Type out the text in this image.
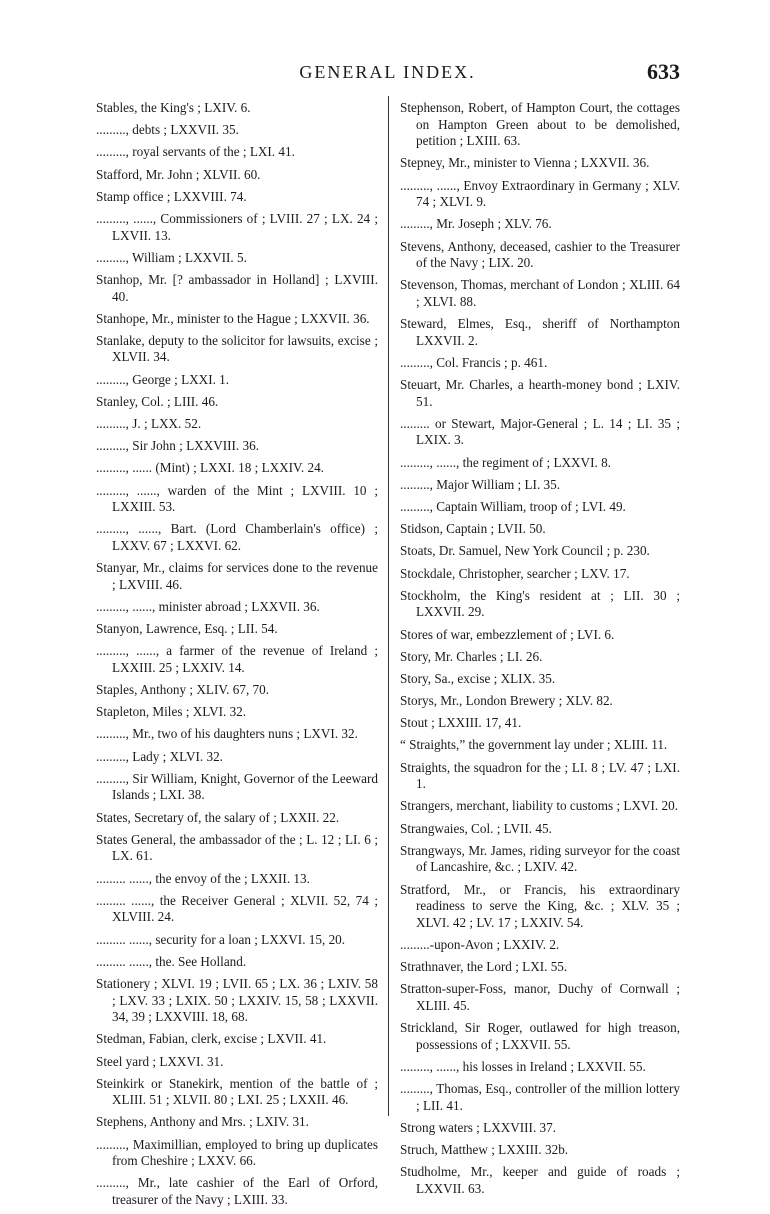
GENERAL INDEX.	633

Stables, the King's ; LXIV. 6.

........., debts ; LXXVII. 35.

........., royal servants of the ; LXI. 41.

Stafford, Mr. John ; XLVII. 60.

Stamp office ; LXXVIII. 74.

........., ......, Commissioners of ; LVIII. 27 ; LX. 24 ; LXVII. 13.

........., William ; LXXVII. 5.

Stanhop, Mr. [? ambassador in Holland] ; LXVIII. 40.

Stanhope, Mr., minister to the Hague ; LXXVII. 36.

Stanlake, deputy to the solicitor for lawsuits, excise ; XLVII. 34.

........., George ; LXXI. 1.

Stanley, Col. ; LIII. 46.

........., J. ; LXX. 52.

........., Sir John ; LXXVIII. 36.

........., ...... (Mint) ; LXXI. 18 ; LXXIV. 24.

........., ......, warden of the Mint ; LXVIII. 10 ; LXXIII. 53.

........., ......, Bart. (Lord Chamberlain's office) ; LXXV. 67 ; LXXVI. 62.

Stanyar, Mr., claims for services done to the revenue ; LXVIII. 46.

........., ......, minister abroad ; LXXVII. 36.

Stanyon, Lawrence, Esq. ; LII. 54.

........., ......, a farmer of the revenue of Ireland ; LXXIII. 25 ; LXXIV. 14.

Staples, Anthony ; XLIV. 67, 70.

Stapleton, Miles ; XLVI. 32.

........., Mr., two of his daughters nuns ; LXVI. 32.

........., Lady ; XLVI. 32.

........., Sir William, Knight, Governor of the Leeward Islands ; LXI. 38.

States, Secretary of, the salary of ; LXXII. 22.

States General, the ambassador of the ; L. 12 ; LI. 6 ; LX. 61.

......... ......, the envoy of the ; LXXII. 13.

......... ......, the Receiver General ; XLVII. 52, 74 ; XLVIII. 24.

......... ......, security for a loan ; LXXVI. 15, 20.

......... ......, the. See Holland.

Stationery ; XLVI. 19 ; LVII. 65 ; LX. 36 ; LXIV. 58 ; LXV. 33 ; LXIX. 50 ; LXXIV. 15, 58 ; LXXVII. 34, 39 ; LXXVIII. 18, 68.

Stedman, Fabian, clerk, excise ; LXVII. 41.

Steel yard ; LXXVI. 31.

Steinkirk or Stanekirk, mention of the battle of ; XLIII. 51 ; XLVII. 80 ; LXI. 25 ; LXXII. 46.

Stephens, Anthony and Mrs. ; LXIV. 31.

........., Maximillian, employed to bring up duplicates from Cheshire ; LXXV. 66.

........., Mr., late cashier of the Earl of Orford, treasurer of the Navy ; LXIII. 33.

Stephenson, Robert, of Hampton Court, the cottages on Hampton Green about to be demolished, petition ; LXIII. 63.

Stepney, Mr., minister to Vienna ; LXXVII. 36.

........., ......, Envoy Extraordinary in Germany ; XLV. 74 ; XLVI. 9.

........., Mr. Joseph ; XLV. 76.

Stevens, Anthony, deceased, cashier to the Treasurer of the Navy ; LIX. 20.

Stevenson, Thomas, merchant of London ; XLIII. 64 ; XLVI. 88.

Steward, Elmes, Esq., sheriff of Northampton LXXVII. 2.

........., Col. Francis ; p. 461.

Steuart, Mr. Charles, a hearth-money bond ; LXIV. 51.

......... or Stewart, Major-General ; L. 14 ; LI. 35 ; LXIX. 3.

........., ......, the regiment of ; LXXVI. 8.

........., Major William ; LI. 35.

........., Captain William, troop of ; LVI. 49.

Stidson, Captain ; LVII. 50.

Stoats, Dr. Samuel, New York Council ; p. 230.

Stockdale, Christopher, searcher ; LXV. 17.

Stockholm, the King's resident at ; LII. 30 ; LXXVII. 29.

Stores of war, embezzlement of ; LVI. 6.

Story, Mr. Charles ; LI. 26.

Story, Sa., excise ; XLIX. 35.

Storys, Mr., London Brewery ; XLV. 82.

Stout ; LXXIII. 17, 41.

“ Straights,” the government lay under ; XLIII. 11.

Straights, the squadron for the ; LI. 8 ; LV. 47 ; LXI. 1.

Strangers, merchant, liability to customs ; LXVI. 20.

Strangwaies, Col. ; LVII. 45.

Strangways, Mr. James, riding surveyor for the coast of Lancashire, &c. ; LXIV. 42.

Stratford, Mr., or Francis, his extraordinary readiness to serve the King, &c. ; XLV. 35 ; XLVI. 42 ; LV. 17 ; LXXIV. 54.

.........-upon-Avon ; LXXIV. 2.

Strathnaver, the Lord ; LXI. 55.

Stratton-super-Foss, manor, Duchy of Cornwall ; XLIII. 45.

Strickland, Sir Roger, outlawed for high treason, possessions of ; LXXVII. 55.

........., ......, his losses in Ireland ; LXXVII. 55.

........., Thomas, Esq., controller of the million lottery ; LII. 41.

Strong waters ; LXXVIII. 37.

Struch, Matthew ; LXXIII. 32b.

Studholme, Mr., keeper and guide of roads ; LXXVII. 63.
